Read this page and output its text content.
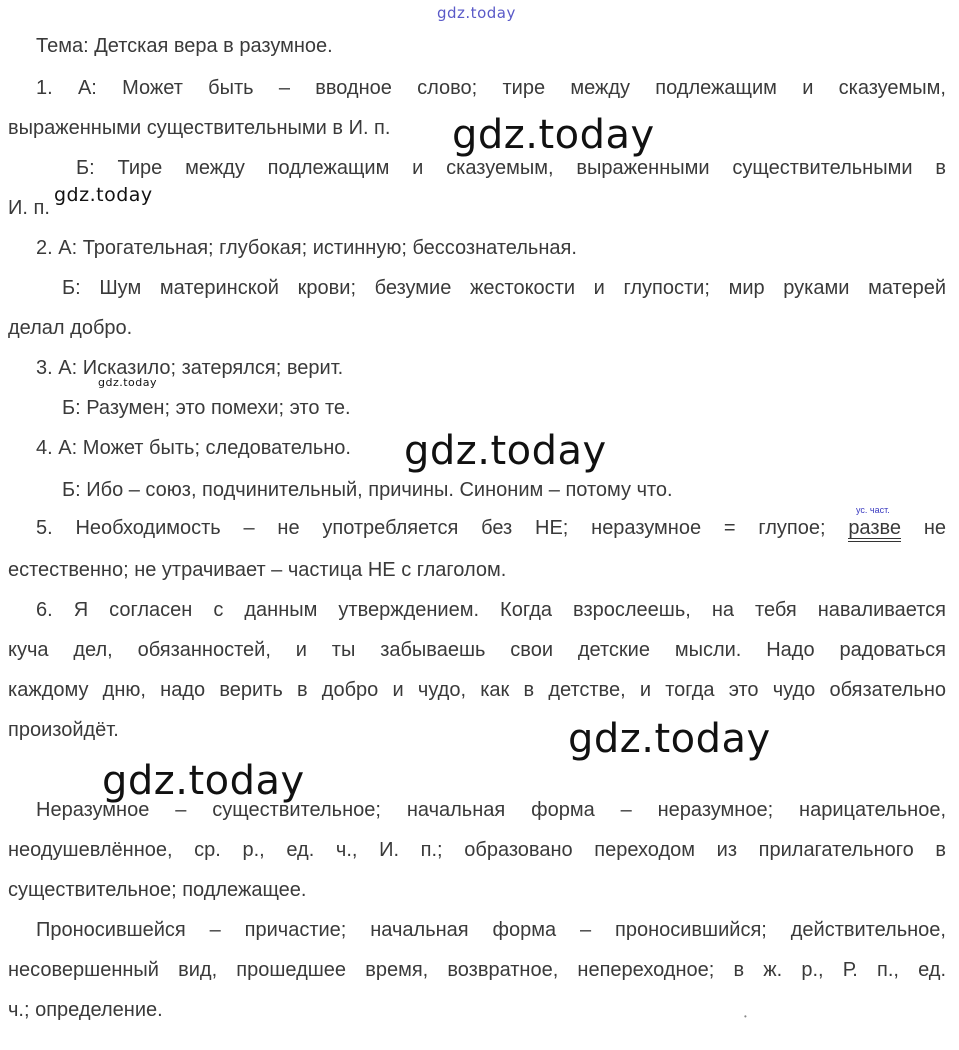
gdz.today
Тема: Детская вера в разумное.
1. А: Может быть – вводное слово; тире между подлежащим и сказуемым,
выраженными существительными в И. п.
Б: Тире между подлежащим и сказуемым, выраженными существительными в
И. п.
2. А: Трогательная; глубокая; истинную; бессознательная.
Б: Шум материнской крови; безумие жестокости и глупости; мир руками матерей
делал добро.
3. А: Исказило; затерялся; верит.
Б: Разумен; это помехи; это те.
4. А: Может быть; следовательно.
Б: Ибо – союз, подчинительный, причины. Синоним – потому что.
5. Необходимость – не употребляется без НЕ; неразумное = глупое; разве не
ус. част.
естественно; не утрачивает – частица НЕ с глаголом.
6. Я согласен с данным утверждением. Когда взрослеешь, на тебя наваливается
куча дел, обязанностей, и ты забываешь свои детские мысли. Надо радоваться
каждому дню, надо верить в добро и чудо, как в детстве, и тогда это чудо обязательно
произойдёт.
Неразумное – существительное; начальная форма – неразумное; нарицательное,
неодушевлённое, ср. р., ед. ч., И. п.; образовано переходом из прилагательного в
существительное; подлежащее.
Проносившейся – причастие; начальная форма – проносившийся; действительное,
несовершенный вид, прошедшее время, возвратное, непереходное; в ж. р., Р. п., ед.
ч.; определение.
gdz.today
gdz.today
gdz.today
gdz.today
gdz.today
gdz.today
•
